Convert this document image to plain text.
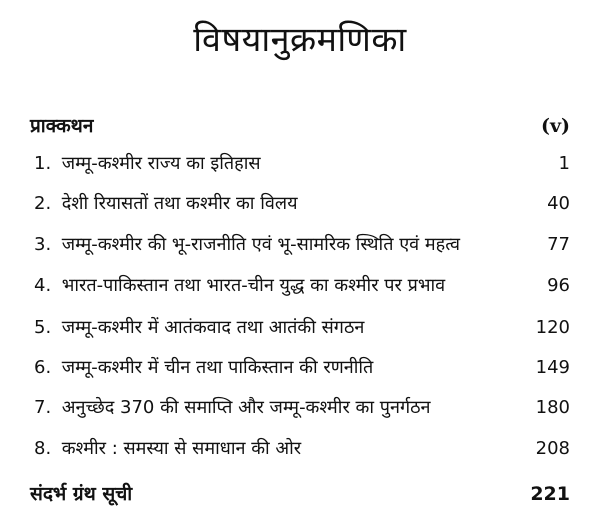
विषयानुक्रमणिका
प्राक्कथन	(v)
1. जम्मू-कश्मीर राज्य का इतिहास	1
2. देशी रियासतों तथा कश्मीर का विलय	40
3. जम्मू-कश्मीर की भू-राजनीति एवं भू-सामरिक स्थिति एवं महत्व	77
4. भारत-पाकिस्तान तथा भारत-चीन युद्ध का कश्मीर पर प्रभाव	96
5. जम्मू-कश्मीर में आतंकवाद तथा आतंकी संगठन	120
6. जम्मू-कश्मीर में चीन तथा पाकिस्तान की रणनीति	149
7. अनुच्छेद 370 की समाप्ति और जम्मू-कश्मीर का पुनर्गठन	180
8. कश्मीर : समस्या से समाधान की ओर	208
संदर्भ ग्रंथ सूची	221
